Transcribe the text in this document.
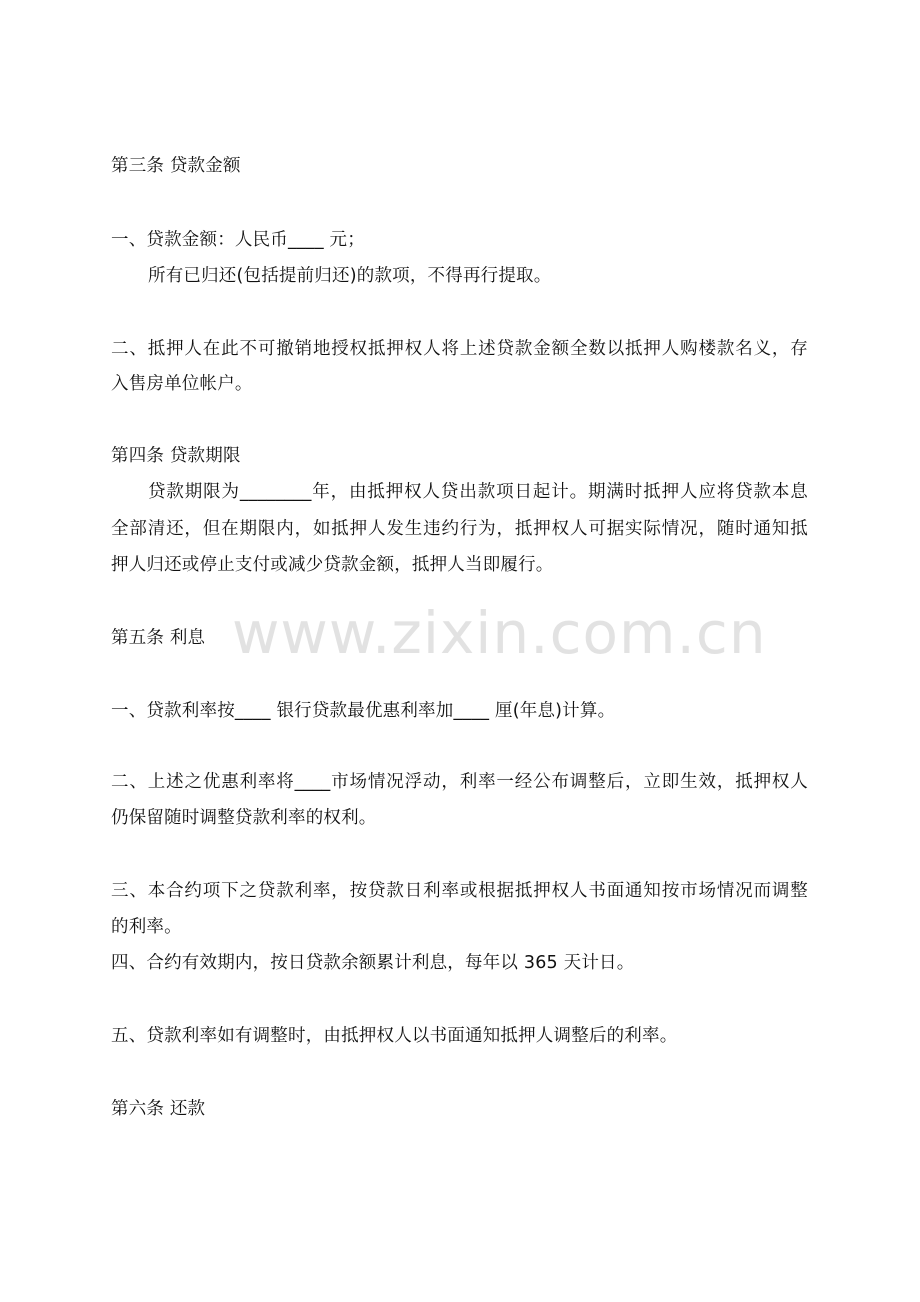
www.zixin.com.cn
第三条 贷款金额
一、贷款金额：人民币____ 元；
所有已归还(包括提前归还)的款项，不得再行提取。
二、抵押人在此不可撤销地授权抵押权人将上述贷款金额全数以抵押人购楼款名义，存
入售房单位帐户。
第四条 贷款期限
贷款期限为________年，由抵押权人贷出款项日起计。期满时抵押人应将贷款本息
全部清还，但在期限内，如抵押人发生违约行为，抵押权人可据实际情况，随时通知抵
押人归还或停止支付或减少贷款金额，抵押人当即履行。
第五条 利息
一、贷款利率按____ 银行贷款最优惠利率加____ 厘(年息)计算。
二、上述之优惠利率将____市场情况浮动，利率一经公布调整后，立即生效，抵押权人
仍保留随时调整贷款利率的权利。
三、本合约项下之贷款利率，按贷款日利率或根据抵押权人书面通知按市场情况而调整
的利率。
四、合约有效期内，按日贷款余额累计利息，每年以 365 天计日。
五、贷款利率如有调整时，由抵押权人以书面通知抵押人调整后的利率。
第六条 还款
